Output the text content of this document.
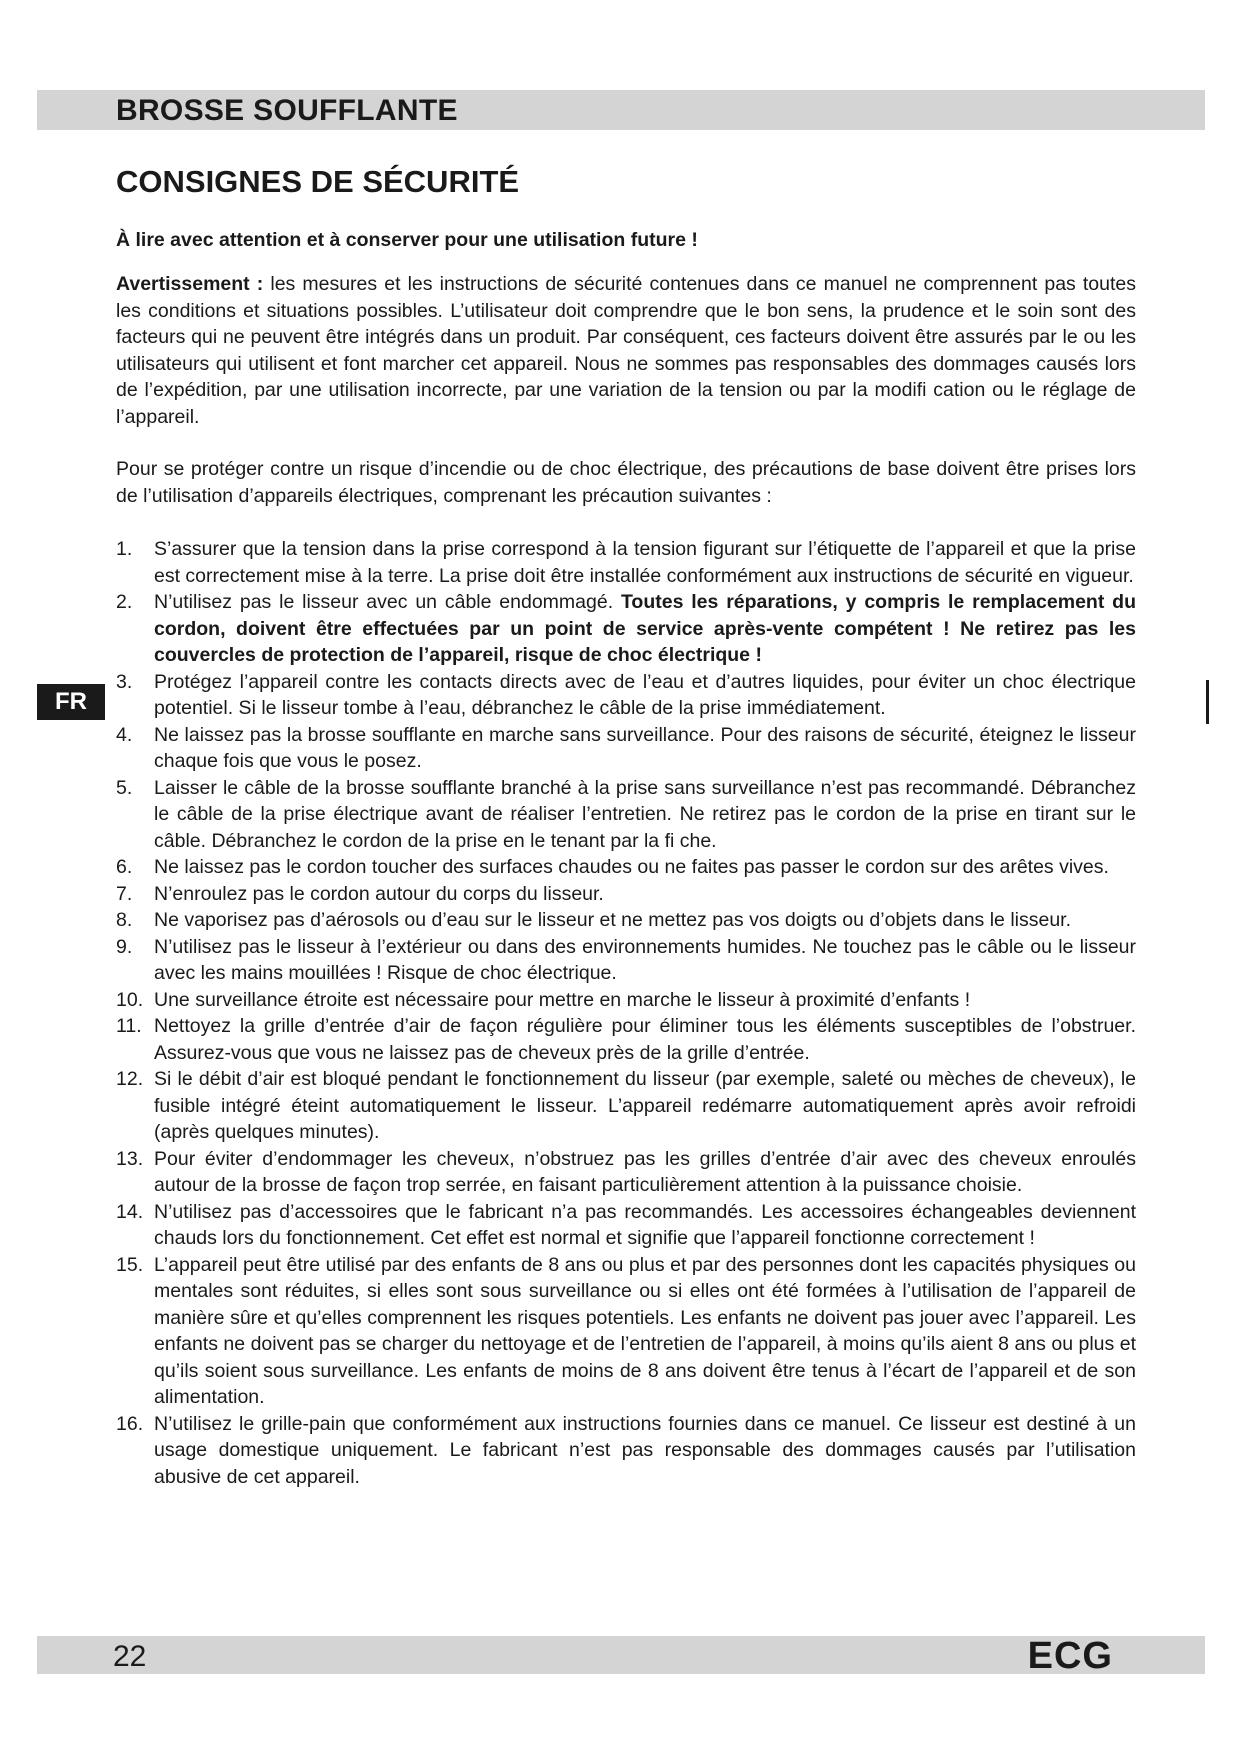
BROSSE SOUFFLANTE
CONSIGNES DE SÉCURITÉ

À lire avec attention et à conserver pour une utilisation future !

Avertissement : les mesures et les instructions de sécurité contenues dans ce manuel ne comprennent pas toutes les conditions et situations possibles. L’utilisateur doit comprendre que le bon sens, la prudence et le soin sont des facteurs qui ne peuvent être intégrés dans un produit. Par conséquent, ces facteurs doivent être assurés par le ou les utilisateurs qui utilisent et font marcher cet appareil. Nous ne sommes pas responsables des dommages causés lors de l’expédition, par une utilisation incorrecte, par une variation de la tension ou par la modifi cation ou le réglage de l’appareil.

Pour se protéger contre un risque d’incendie ou de choc électrique, des précautions de base doivent être prises lors de l’utilisation d’appareils électriques, comprenant les précaution suivantes :

1. S’assurer que la tension dans la prise correspond à la tension figurant sur l’étiquette de l’appareil et que la prise est correctement mise à la terre. La prise doit être installée conformément aux instructions de sécurité en vigueur.
2. N’utilisez pas le lisseur avec un câble endommagé. Toutes les réparations, y compris le remplacement du cordon, doivent être effectuées par un point de service après-vente compétent ! Ne retirez pas les couvercles de protection de l’appareil, risque de choc électrique !
3. Protégez l’appareil contre les contacts directs avec de l’eau et d’autres liquides, pour éviter un choc électrique potentiel. Si le lisseur tombe à l’eau, débranchez le câble de la prise immédiatement.
4. Ne laissez pas la brosse soufflante en marche sans surveillance. Pour des raisons de sécurité, éteignez le lisseur chaque fois que vous le posez.
5. Laisser le câble de la brosse soufflante branché à la prise sans surveillance n’est pas recommandé. Débranchez le câble de la prise électrique avant de réaliser l’entretien. Ne retirez pas le cordon de la prise en tirant sur le câble. Débranchez le cordon de la prise en le tenant par la fi che.
6. Ne laissez pas le cordon toucher des surfaces chaudes ou ne faites pas passer le cordon sur des arêtes vives.
7. N’enroulez pas le cordon autour du corps du lisseur.
8. Ne vaporisez pas d’aérosols ou d’eau sur le lisseur et ne mettez pas vos doigts ou d’objets dans le lisseur.
9. N’utilisez pas le lisseur à l’extérieur ou dans des environnements humides. Ne touchez pas le câble ou le lisseur avec les mains mouillées ! Risque de choc électrique.
10. Une surveillance étroite est nécessaire pour mettre en marche le lisseur à proximité d’enfants !
11. Nettoyez la grille d’entrée d’air de façon régulière pour éliminer tous les éléments susceptibles de l’obstruer. Assurez-vous que vous ne laissez pas de cheveux près de la grille d’entrée.
12. Si le débit d’air est bloqué pendant le fonctionnement du lisseur (par exemple, saleté ou mèches de cheveux), le fusible intégré éteint automatiquement le lisseur. L’appareil redémarre automatiquement après avoir refroidi (après quelques minutes).
13. Pour éviter d’endommager les cheveux, n’obstruez pas les grilles d’entrée d’air avec des cheveux enroulés autour de la brosse de façon trop serrée, en faisant particulièrement attention à la puissance choisie.
14. N’utilisez pas d’accessoires que le fabricant n’a pas recommandés. Les accessoires échangeables deviennent chauds lors du fonctionnement. Cet effet est normal et signifie que l’appareil fonctionne correctement !
15. L’appareil peut être utilisé par des enfants de 8 ans ou plus et par des personnes dont les capacités physiques ou mentales sont réduites, si elles sont sous surveillance ou si elles ont été formées à l’utilisation de l’appareil de manière sûre et qu’elles comprennent les risques potentiels. Les enfants ne doivent pas jouer avec l’appareil. Les enfants ne doivent pas se charger du nettoyage et de l’entretien de l’appareil, à moins qu’ils aient 8 ans ou plus et qu’ils soient sous surveillance. Les enfants de moins de 8 ans doivent être tenus à l’écart de l’appareil et de son alimentation.
16. N’utilisez le grille-pain que conformément aux instructions fournies dans ce manuel. Ce lisseur est destiné à un usage domestique uniquement. Le fabricant n’est pas responsable des dommages causés par l’utilisation abusive de cet appareil.
FR
22	ECG
